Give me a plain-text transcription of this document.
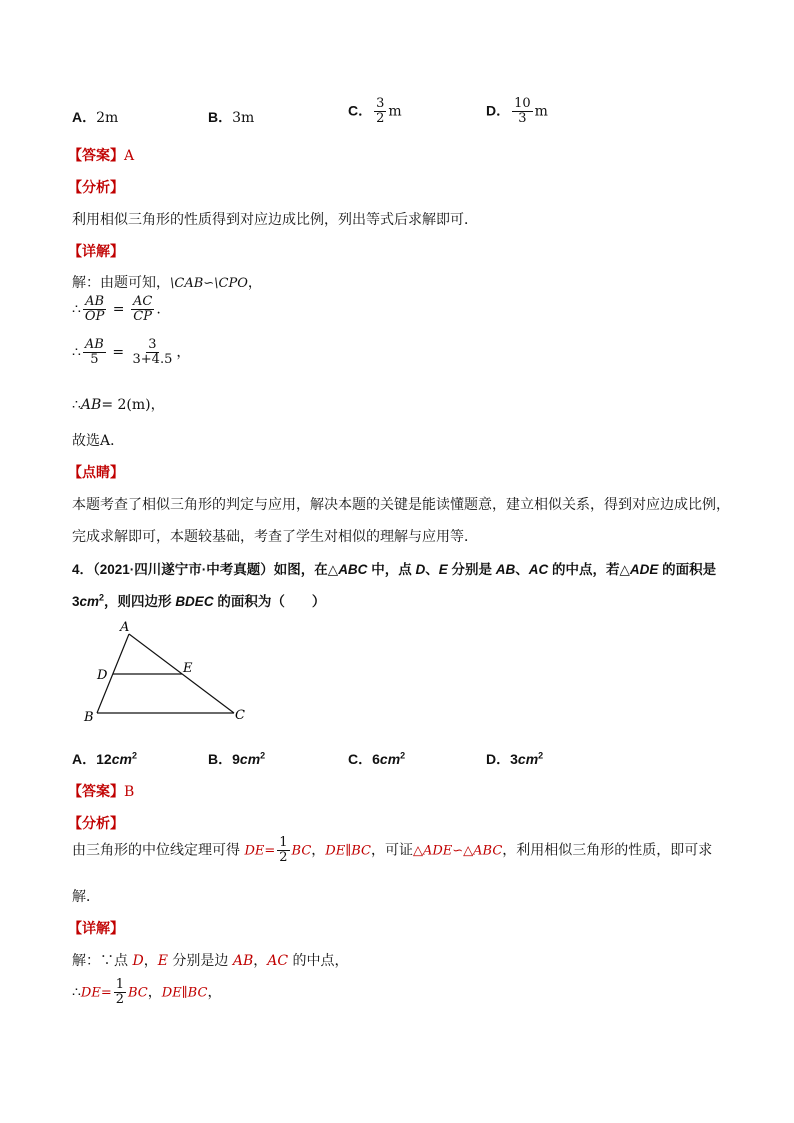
A．2m	B．3m	C． $\frac{3}{2}$ m	D． $\frac{10}{3}$ m
【答案】A
【分析】
利用相似三角形的性质得到对应边成比例，列出等式后求解即可．
【详解】
解：由题可知，\CAB∽\CPO，
∴ $\frac{AB}{OP} = \frac{AC}{CP}$ .
∴ $\frac{AB}{5} = \frac{3}{3+4.5}$ ，
∴AB= 2(m)，
故选A．
【点睛】
本题考查了相似三角形的判定与应用，解决本题的关键是能读懂题意，建立相似关系，得到对应边成比例，
完成求解即可，本题较基础，考查了学生对相似的理解与应用等．
4．（2021·四川遂宁市·中考真题）如图，在△ABC 中，点 D、E 分别是 AB、AC 的中点，若△ADE 的面积是
$3cm^2$，则四边形 BDEC 的面积为（　　）
A
B	C
D	E
A．$12cm^2$	B．$9cm^2$	C．$6cm^2$	D．$3cm^2$
【答案】B
【分析】
由三角形的中位线定理可得 $DE= \frac{1}{2}$ BC，DE∥BC，可证△ADE∽△ABC，利用相似三角形的性质，即可求
解．
【详解】
解：∵点 D，E 分别是边 AB，AC 的中点，
∴DE= $\frac{1}{2}$ BC，DE∥BC，
